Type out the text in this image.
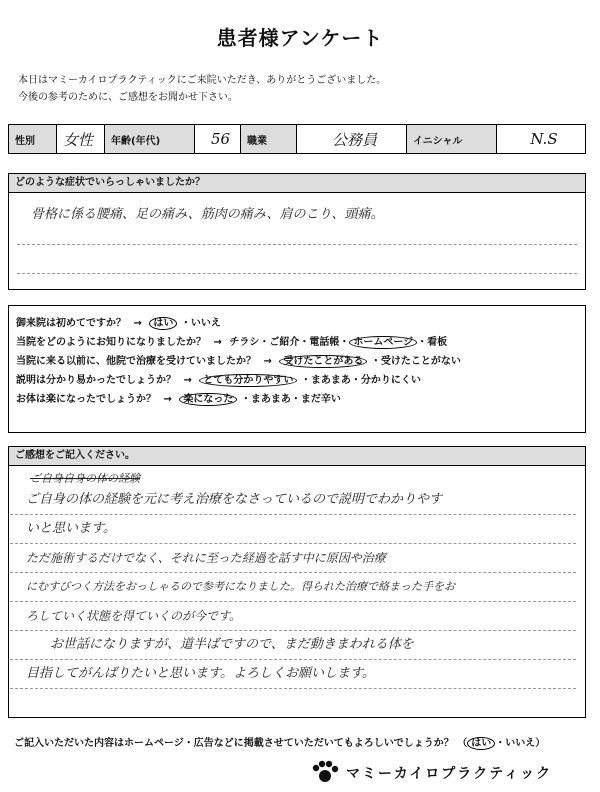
患者様アンケート
本日はマミーカイロプラクティックにご来院いただき、ありがとうございました。
今後の参考のために、ご感想をお聞かせ下さい。
性別	女性	年齢(年代)	56	職業	公務員	イニシャル	N.S
どのような症状でいらっしゃいましたか？
骨格に係る腰痛、足の痛み、筋肉の痛み、肩のこり、頭痛。
御来院は初めてですか？ → はい ・いいえ
当院をどのようにお知りになりましたか？ → チラシ・ご紹介・電話帳・ ホームページ ・看板
当院に来る以前に、他院で治療を受けていましたか？ → 受けたことがある ・受けたことがない
説明は分かり易かったでしょうか？ → とても分かりやすい ・まあまあ・分かりにくい
お体は楽になったでしょうか？ → 楽になった ・まあまあ・まだ辛い
ご感想をご記入ください。
ご自身自身の体の経験
ご自身の体の経験を元に考え治療をなさっているので説明でわかりやす
いと思います。
ただ施術するだけでなく、それに至った経過を話す中に原因や治療
にむすびつく方法をおっしゃるので参考になりました。得られた治療で絡まった手をお
ろしていく状態を得ていくのが今です。
お世話になりますが、道半ばですので、まだ動きまわれる体を
目指してがんばりたいと思います。よろしくお願いします。
ご記入いただいた内容はホームページ・広告などに掲載させていただいてもよろしいでしょうか？ （ はい ・いいえ）
マミーカイロプラクティック
